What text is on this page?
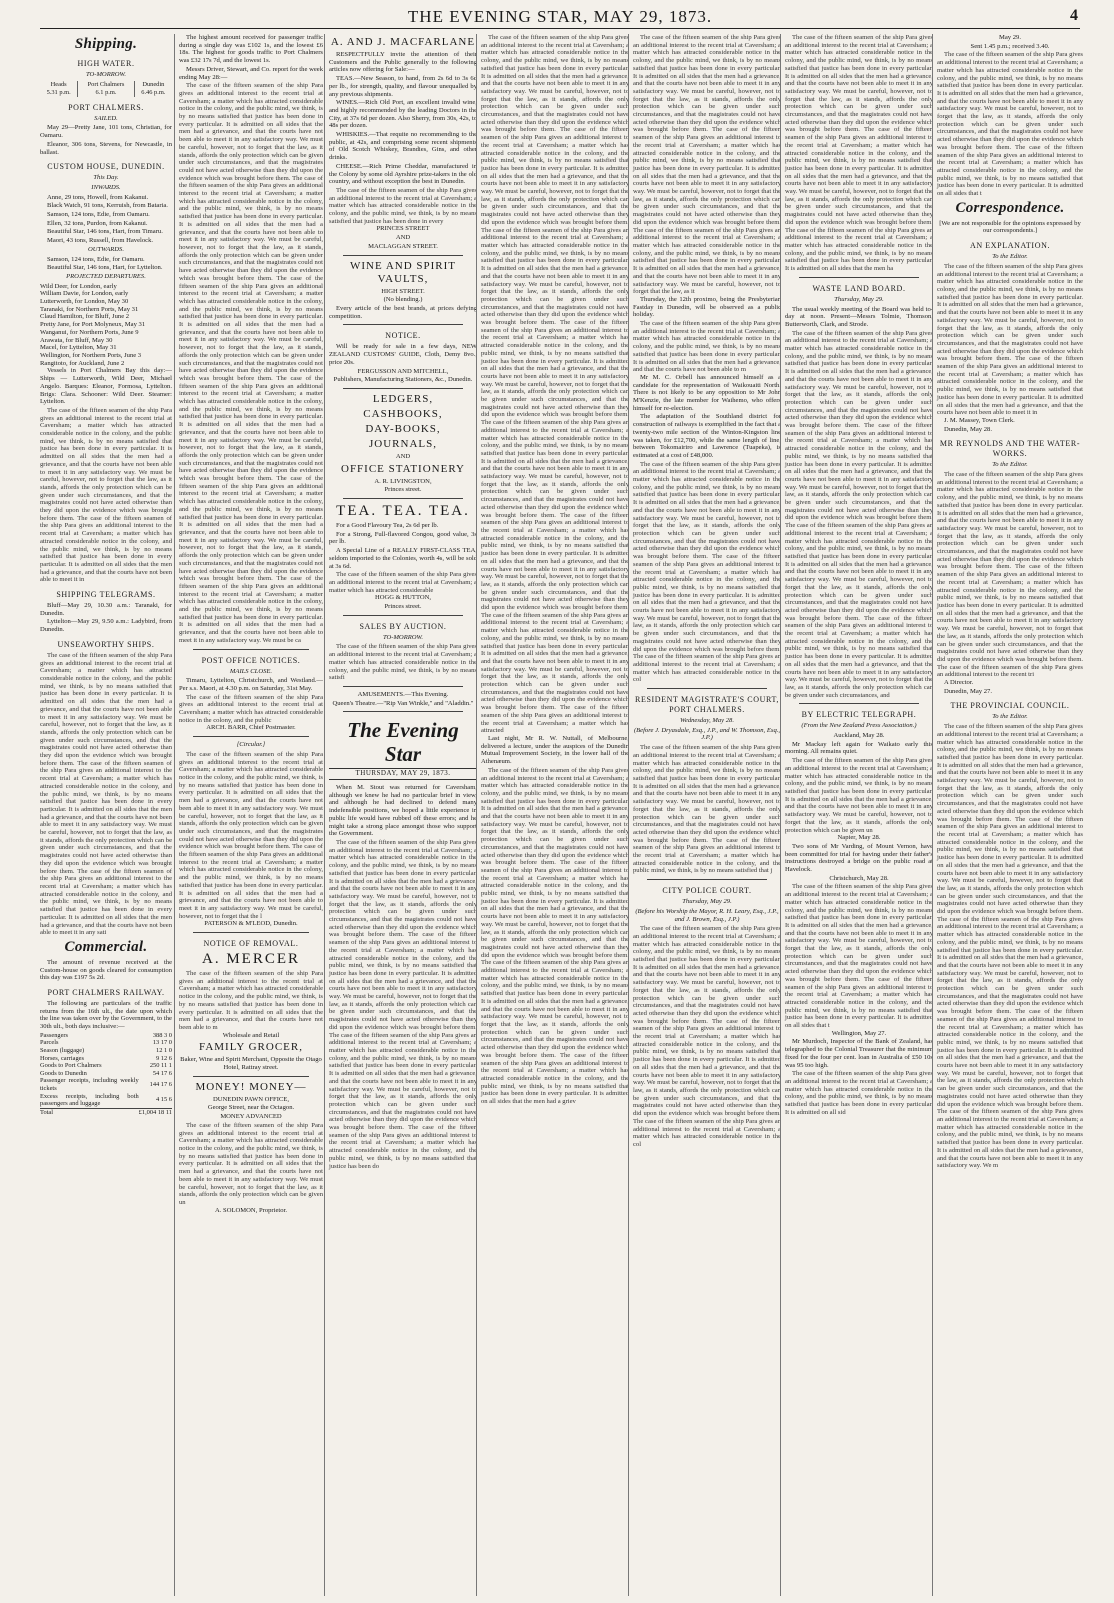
THE EVENING STAR, MAY 29, 1873.	4
Shipping.
HIGH WATER.
TO-MORROW.
Heads	Port Chalmers	Dunedin
5.31 p.m.	6.1 p.m.	6.46 p.m.
PORT CHALMERS.
SAILED.

May 29—Pretty Jane, 101 tons, Christian, for Oamaru.

Eleanor, 306 tons, Stevens, for Newcastle, in ballast.

CUSTOM HOUSE, DUNEDIN.
This Day.
INWARDS.

Anne, 29 tons, Howell, from Kakanui.

Black Watch, 91 tons, Kerruish, from Bataria.

Samson, 124 tons, Edie, from Oamaru.

Ellen, 32 tons, Purdon, from Kakanui.

Beautiful Star, 146 tons, Hart, from Timaru.

Maori, 43 tons, Russell, from Havelock.

OUTWARDS.

Samson, 124 tons, Edie, for Oamaru.

Beautiful Star, 146 tons, Hart, for Lyttelton.

PROJECTED DEPARTURES.

Wild Deer, for London, early

William Davie, for London, early

Lutterworth, for London, May 30

Taranaki, for Northern Ports, May 31

Claud Hamilton, for Bluff, June 2

Pretty Jane, for Port Molyneux, May 31

Wanganui, for Northern Ports, June 9

Arawata, for Bluff, May 30

Macel, for Lyttelton, May 31

Wellington, for Northern Ports, June 3

Rangitoto, for Auckland, June 2

Vessels in Port Chalmers Bay this day:— Ships — Lutterworth, Wild Deer, Michael Angelo. Barques: Eleanor, Formosa, Lyttelton. Brigs: Clara. Schooner: Wild Deer. Steamer: Lyttelton.

The case of the fifteen seamen of the ship Para gives an additional interest to the recent trial at Caversham; a matter which has attracted considerable notice in the colony, and the public mind, we think, is by no means satisfied that justice has been done in every particular. It is admitted on all sides that the men had a grievance, and that the courts have not been able to meet it in any satisfactory way. We must be careful, however, not to forget that the law, as it stands, affords the only protection which can be given under such circumstances, and that the magistrates could not have acted otherwise than they did upon the evidence which was brought before them. The case of the fifteen seamen of the ship Para gives an additional interest to the recent trial at Caversham; a matter which has attracted considerable notice in the colony, and the public mind, we think, is by no means satisfied that justice has been done in every particular. It is admitted on all sides that the men had a grievance, and that the courts have not been able to meet it in
SHIPPING TELEGRAMS.

Bluff—May 29, 10.30 a.m.: Taranaki, for Dunedin.

Lyttelton—May 29, 9.50 a.m.: Ladybird, from Dunedin.

UNSEAWORTHY SHIPS.
The case of the fifteen seamen of the ship Para gives an additional interest to the recent trial at Caversham; a matter which has attracted considerable notice in the colony, and the public mind, we think, is by no means satisfied that justice has been done in every particular. It is admitted on all sides that the men had a grievance, and that the courts have not been able to meet it in any satisfactory way. We must be careful, however, not to forget that the law, as it stands, affords the only protection which can be given under such circumstances, and that the magistrates could not have acted otherwise than they did upon the evidence which was brought before them. The case of the fifteen seamen of the ship Para gives an additional interest to the recent trial at Caversham; a matter which has attracted considerable notice in the colony, and the public mind, we think, is by no means satisfied that justice has been done in every particular. It is admitted on all sides that the men had a grievance, and that the courts have not been able to meet it in any satisfactory way. We must be careful, however, not to forget that the law, as it stands, affords the only protection which can be given under such circumstances, and that the magistrates could not have acted otherwise than they did upon the evidence which was brought before them. The case of the fifteen seamen of the ship Para gives an additional interest to the recent trial at Caversham; a matter which has attracted considerable notice in the colony, and the public mind, we think, is by no means satisfied that justice has been done in every particular. It is admitted on all sides that the men had a grievance, and that the courts have not been able to meet it in any sati
Commercial.

The amount of revenue received at the Custom-house on goods cleared for consumption this day was £197 5s 2d.

PORT CHALMERS RAILWAY.

The following are particulars of the traffic returns from the 16th ult., the date upon which the line was taken over by the Government, to the 30th ult., both days inclusive:—

Passengers	388 3 0
Parcels	13 17 0
Season (luggage)	12 1 0
Horses, carriages	9 12 6
Goods to Port Chalmers	250 11 1
Goods to Dunedin	54 17 6
Passenger receipts, including weekly tickets	144 17 6
Excess receipts, including both passengers and luggage	4 15 6
Total	£1,004 18 11

The highest amount received for passenger traffic during a single day was £102 1s, and the lowest £6 18s. The highest for goods traffic to Port Chalmers was £32 17s 7d, and the lowest 1s.

Messrs Driver, Stewart, and Co. report for the week ending May 28:—

The case of the fifteen seamen of the ship Para gives an additional interest to the recent trial at Caversham; a matter which has attracted considerable notice in the colony, and the public mind, we think, is by no means satisfied that justice has been done in every particular. It is admitted on all sides that the men had a grievance, and that the courts have not been able to meet it in any satisfactory way. We must be careful, however, not to forget that the law, as it stands, affords the only protection which can be given under such circumstances, and that the magistrates could not have acted otherwise than they did upon the evidence which was brought before them. The case of the fifteen seamen of the ship Para gives an additional interest to the recent trial at Caversham; a matter which has attracted considerable notice in the colony, and the public mind, we think, is by no means satisfied that justice has been done in every particular. It is admitted on all sides that the men had a grievance, and that the courts have not been able to meet it in any satisfactory way. We must be careful, however, not to forget that the law, as it stands, affords the only protection which can be given under such circumstances, and that the magistrates could not have acted otherwise than they did upon the evidence which was brought before them. The case of the fifteen seamen of the ship Para gives an additional interest to the recent trial at Caversham; a matter which has attracted considerable notice in the colony, and the public mind, we think, is by no means satisfied that justice has been done in every particular. It is admitted on all sides that the men had a grievance, and that the courts have not been able to meet it in any satisfactory way. We must be careful, however, not to forget that the law, as it stands, affords the only protection which can be given under such circumstances, and that the magistrates could not have acted otherwise than they did upon the evidence which was brought before them. The case of the fifteen seamen of the ship Para gives an additional interest to the recent trial at Caversham; a matter which has attracted considerable notice in the colony, and the public mind, we think, is by no means satisfied that justice has been done in every particular. It is admitted on all sides that the men had a grievance, and that the courts have not been able to meet it in any satisfactory way. We must be careful, however, not to forget that the law, as it stands, affords the only protection which can be given under such circumstances, and that the magistrates could not have acted otherwise than they did upon the evidence which was brought before them. The case of the fifteen seamen of the ship Para gives an additional interest to the recent trial at Caversham; a matter which has attracted considerable notice in the colony, and the public mind, we think, is by no means satisfied that justice has been done in every particular. It is admitted on all sides that the men had a grievance, and that the courts have not been able to meet it in any satisfactory way. We must be careful, however, not to forget that the law, as it stands, affords the only protection which can be given under such circumstances, and that the magistrates could not have acted otherwise than they did upon the evidence which was brought before them. The case of the fifteen seamen of the ship Para gives an additional interest to the recent trial at Caversham; a matter which has attracted considerable notice in the colony, and the public mind, we think, is by no means satisfied that justice has been done in every particular. It is admitted on all sides that the men had a grievance, and that the courts have not been able to meet it in any satisfactory way. We must be ca
POST OFFICE NOTICES.
MAILS CLOSE.

Timaru, Lyttelton, Christchurch, and Westland.—Per s.s. Maori, at 4.30 p.m. on Saturday, 31st May.

The case of the fifteen seamen of the ship Para gives an additional interest to the recent trial at Caversham; a matter which has attracted considerable notice in the colony, and the public

ARCH. BARR, Chief Postmaster.

[Circular.]
The case of the fifteen seamen of the ship Para gives an additional interest to the recent trial at Caversham; a matter which has attracted considerable notice in the colony, and the public mind, we think, is by no means satisfied that justice has been done in every particular. It is admitted on all sides that the men had a grievance, and that the courts have not been able to meet it in any satisfactory way. We must be careful, however, not to forget that the law, as it stands, affords the only protection which can be given under such circumstances, and that the magistrates could not have acted otherwise than they did upon the evidence which was brought before them. The case of the fifteen seamen of the ship Para gives an additional interest to the recent trial at Caversham; a matter which has attracted considerable notice in the colony, and the public mind, we think, is by no means satisfied that justice has been done in every particular. It is admitted on all sides that the men had a grievance, and that the courts have not been able to meet it in any satisfactory way. We must be careful, however, not to forget that the l

PATERSON & M'LEOD, Dunedin.

NOTICE OF REMOVAL.
A. MERCER
The case of the fifteen seamen of the ship Para gives an additional interest to the recent trial at Caversham; a matter which has attracted considerable notice in the colony, and the public mind, we think, is by no means satisfied that justice has been done in every particular. It is admitted on all sides that the men had a grievance, and that the courts have not been able to m

Wholesale and Retail

FAMILY GROCER,

Baker, Wine and Spirit Merchant, Opposite the Otago Hotel, Rattray street.

MONEY! MONEY—

DUNEDIN PAWN OFFICE,

George Street, near the Octagon.

MONEY ADVANCED

The case of the fifteen seamen of the ship Para gives an additional interest to the recent trial at Caversham; a matter which has attracted considerable notice in the colony, and the public mind, we think, is by no means satisfied that justice has been done in every particular. It is admitted on all sides that the men had a grievance, and that the courts have not been able to meet it in any satisfactory way. We must be careful, however, not to forget that the law, as it stands, affords the only protection which can be given un

A. SOLOMON, Proprietor.

A. AND J. MACFARLANE

RESPECTFULLY invite the attention of their Customers and the Public generally to the following articles now offering for Sale:—

TEAS.—New Season, to hand, from 2s 6d to 3s 6d per lb., for strength, quality, and flavour unequalled by any previous shipments.

WINES.—Rich Old Port, an excellent invalid wine, and highly recommended by the leading Doctors in the City, at 37s 6d per dozen. Also Sherry, from 30s, 42s, to 48s per dozen.

WHISKIES.—That requite no recommending to the public, at 42s, and comprising some recent shipments of Old Scotch Whiskey, Brandies, Gins, and other drinks.

CHEESE.—Rich Prime Cheddar, manufactured in the Colony by some old Ayrshire prize-takers in the old country, and without exception the best in Dunedin.

The case of the fifteen seamen of the ship Para gives an additional interest to the recent trial at Caversham; a matter which has attracted considerable notice in the colony, and the public mind, we think, is by no means satisfied that justice has been done in every

PRINCES STREET

AND

MACLAGGAN STREET.

WINE AND SPIRIT VAULTS,

HIGH STREET.

(No blending.)

Every article of the best brands, at prices defying competition.

NOTICE.

Will be ready for sale in a few days, NEW ZEALAND CUSTOMS' GUIDE, Cloth, Demy 8vo., price 20s.

FERGUSSON AND MITCHELL,

Publishers, Manufacturing Stationers, &c., Dunedin.

LEDGERS,
CASHBOOKS,
DAY-BOOKS,
JOURNALS,

AND

OFFICE STATIONERY

A. R. LIVINGSTON,

Princes street.

TEA. TEA. TEA.

For a Good Flavoury Tea, 2s 6d per lb.

For a Strong, Full-flavored Congou, good value, 3s per lb.

A Special Line of a REALLY FIRST-CLASS TEA, seldom imported to the Colonies, worth 4s, will be sold at 3s 6d.

The case of the fifteen seamen of the ship Para gives an additional interest to the recent trial at Caversham; a matter which has attracted considerable

HOGG & HUTTON,

Princes street.

SALES BY AUCTION.
TO-MORROW.
The case of the fifteen seamen of the ship Para gives an additional interest to the recent trial at Caversham; a matter which has attracted considerable notice in the colony, and the public mind, we think, is by no means satisfi

AMUSEMENTS.—This Evening.

Queen's Theatre.—"Rip Van Winkle," and "Aladdin."

The Evening Star
THURSDAY, MAY 29, 1873.

When M. Stout was returned for Caversham, although we knew he had no particular brief in view, and although he had declined to defend many indefensible positions, we hoped a little experience in public life would have rubbed off these errors; and he might take a strong place amongst those who support the Government.

The case of the fifteen seamen of the ship Para gives an additional interest to the recent trial at Caversham; a matter which has attracted considerable notice in the colony, and the public mind, we think, is by no means satisfied that justice has been done in every particular. It is admitted on all sides that the men had a grievance, and that the courts have not been able to meet it in any satisfactory way. We must be careful, however, not to forget that the law, as it stands, affords the only protection which can be given under such circumstances, and that the magistrates could not have acted otherwise than they did upon the evidence which was brought before them. The case of the fifteen seamen of the ship Para gives an additional interest to the recent trial at Caversham; a matter which has attracted considerable notice in the colony, and the public mind, we think, is by no means satisfied that justice has been done in every particular. It is admitted on all sides that the men had a grievance, and that the courts have not been able to meet it in any satisfactory way. We must be careful, however, not to forget that the law, as it stands, affords the only protection which can be given under such circumstances, and that the magistrates could not have acted otherwise than they did upon the evidence which was brought before them. The case of the fifteen seamen of the ship Para gives an additional interest to the recent trial at Caversham; a matter which has attracted considerable notice in the colony, and the public mind, we think, is by no means satisfied that justice has been done in every particular. It is admitted on all sides that the men had a grievance, and that the courts have not been able to meet it in any satisfactory way. We must be careful, however, not to forget that the law, as it stands, affords the only protection which can be given under such circumstances, and that the magistrates could not have acted otherwise than they did upon the evidence which was brought before them. The case of the fifteen seamen of the ship Para gives an additional interest to the recent trial at Caversham; a matter which has attracted considerable notice in the colony, and the public mind, we think, is by no means satisfied that justice has been do
The case of the fifteen seamen of the ship Para gives an additional interest to the recent trial at Caversham; a matter which has attracted considerable notice in the colony, and the public mind, we think, is by no means satisfied that justice has been done in every particular. It is admitted on all sides that the men had a grievance, and that the courts have not been able to meet it in any satisfactory way. We must be careful, however, not to forget that the law, as it stands, affords the only protection which can be given under such circumstances, and that the magistrates could not have acted otherwise than they did upon the evidence which was brought before them. The case of the fifteen seamen of the ship Para gives an additional interest to the recent trial at Caversham; a matter which has attracted considerable notice in the colony, and the public mind, we think, is by no means satisfied that justice has been done in every particular. It is admitted on all sides that the men had a grievance, and that the courts have not been able to meet it in any satisfactory way. We must be careful, however, not to forget that the law, as it stands, affords the only protection which can be given under such circumstances, and that the magistrates could not have acted otherwise than they did upon the evidence which was brought before them. The case of the fifteen seamen of the ship Para gives an additional interest to the recent trial at Caversham; a matter which has attracted considerable notice in the colony, and the public mind, we think, is by no means satisfied that justice has been done in every particular. It is admitted on all sides that the men had a grievance, and that the courts have not been able to meet it in any satisfactory way. We must be careful, however, not to forget that the law, as it stands, affords the only protection which can be given under such circumstances, and that the magistrates could not have acted otherwise than they did upon the evidence which was brought before them. The case of the fifteen seamen of the ship Para gives an additional interest to the recent trial at Caversham; a matter which has attracted considerable notice in the colony, and the public mind, we think, is by no means satisfied that justice has been done in every particular. It is admitted on all sides that the men had a grievance, and that the courts have not been able to meet it in any satisfactory way. We must be careful, however, not to forget that the law, as it stands, affords the only protection which can be given under such circumstances, and that the magistrates could not have acted otherwise than they did upon the evidence which was brought before them. The case of the fifteen seamen of the ship Para gives an additional interest to the recent trial at Caversham; a matter which has attracted considerable notice in the colony, and the public mind, we think, is by no means satisfied that justice has been done in every particular. It is admitted on all sides that the men had a grievance, and that the courts have not been able to meet it in any satisfactory way. We must be careful, however, not to forget that the law, as it stands, affords the only protection which can be given under such circumstances, and that the magistrates could not have acted otherwise than they did upon the evidence which was brought before them. The case of the fifteen seamen of the ship Para gives an additional interest to the recent trial at Caversham; a matter which has attracted considerable notice in the colony, and the public mind, we think, is by no means satisfied that justice has been done in every particular. It is admitted on all sides that the men had a grievance, and that the courts have not been able to meet it in any satisfactory way. We must be careful, however, not to forget that the law, as it stands, affords the only protection which can be given under such circumstances, and that the magistrates could not have acted otherwise than they did upon the evidence which was brought before them. The case of the fifteen seamen of the ship Para gives an additional interest to the recent trial at Caversham; a matter which has attracted considerable notice in the colony, and the public mind, we think, is by no means satisfied that justice has been done in every particular. It is admitted on all sides that the men had a grievance, and that the courts have not been able to meet it in any satisfactory way. We must be careful, however, not to forget that the law, as it stands, affords the only protection which can be given under such circumstances, and that the magistrates could not have acted otherwise than they did upon the evidence which was brought before them. The case of the fifteen seamen of the ship Para gives an additional interest to the recent trial at Caversham; a matter which has attracted

Last night, Mr R. W. Nuttall, of Melbourne, delivered a lecture, under the auspices of the Dunedin Mutual Improvement Society, in the lower hall of the Athenæum.

The case of the fifteen seamen of the ship Para gives an additional interest to the recent trial at Caversham; a matter which has attracted considerable notice in the colony, and the public mind, we think, is by no means satisfied that justice has been done in every particular. It is admitted on all sides that the men had a grievance, and that the courts have not been able to meet it in any satisfactory way. We must be careful, however, not to forget that the law, as it stands, affords the only protection which can be given under such circumstances, and that the magistrates could not have acted otherwise than they did upon the evidence which was brought before them. The case of the fifteen seamen of the ship Para gives an additional interest to the recent trial at Caversham; a matter which has attracted considerable notice in the colony, and the public mind, we think, is by no means satisfied that justice has been done in every particular. It is admitted on all sides that the men had a grievance, and that the courts have not been able to meet it in any satisfactory way. We must be careful, however, not to forget that the law, as it stands, affords the only protection which can be given under such circumstances, and that the magistrates could not have acted otherwise than they did upon the evidence which was brought before them. The case of the fifteen seamen of the ship Para gives an additional interest to the recent trial at Caversham; a matter which has attracted considerable notice in the colony, and the public mind, we think, is by no means satisfied that justice has been done in every particular. It is admitted on all sides that the men had a grievance, and that the courts have not been able to meet it in any satisfactory way. We must be careful, however, not to forget that the law, as it stands, affords the only protection which can be given under such circumstances, and that the magistrates could not have acted otherwise than they did upon the evidence which was brought before them. The case of the fifteen seamen of the ship Para gives an additional interest to the recent trial at Caversham; a matter which has attracted considerable notice in the colony, and the public mind, we think, is by no means satisfied that justice has been done in every particular. It is admitted on all sides that the men had a griev
The case of the fifteen seamen of the ship Para gives an additional interest to the recent trial at Caversham; a matter which has attracted considerable notice in the colony, and the public mind, we think, is by no means satisfied that justice has been done in every particular. It is admitted on all sides that the men had a grievance, and that the courts have not been able to meet it in any satisfactory way. We must be careful, however, not to forget that the law, as it stands, affords the only protection which can be given under such circumstances, and that the magistrates could not have acted otherwise than they did upon the evidence which was brought before them. The case of the fifteen seamen of the ship Para gives an additional interest to the recent trial at Caversham; a matter which has attracted considerable notice in the colony, and the public mind, we think, is by no means satisfied that justice has been done in every particular. It is admitted on all sides that the men had a grievance, and that the courts have not been able to meet it in any satisfactory way. We must be careful, however, not to forget that the law, as it stands, affords the only protection which can be given under such circumstances, and that the magistrates could not have acted otherwise than they did upon the evidence which was brought before them. The case of the fifteen seamen of the ship Para gives an additional interest to the recent trial at Caversham; a matter which has attracted considerable notice in the colony, and the public mind, we think, is by no means satisfied that justice has been done in every particular. It is admitted on all sides that the men had a grievance, and that the courts have not been able to meet it in any satisfactory way. We must be careful, however, not to forget that the law, as it

Thursday, the 12th proximo, being the Presbyterian Fastday in Dunedin, will be observed as a public holiday.

The case of the fifteen seamen of the ship Para gives an additional interest to the recent trial at Caversham; a matter which has attracted considerable notice in the colony, and the public mind, we think, is by no means satisfied that justice has been done in every particular. It is admitted on all sides that the men had a grievance, and that the courts have not been able to m

Mr M. C. Orbell has announced himself as a candidate for the representation of Waikouaiti North. There is not likely to be any opposition to Mr John M'Kenzie, the late member for Waihemo, who offers himself for re-election.

The adaptation of the Southland district for construction of railways is exemplified in the fact that a twenty-two mile section of the Winton-Kingston line was taken, for £12,700, while the same length of line, between Tokomairiro and Lawrence (Tuapeka), is estimated at a cost of £48,000.

The case of the fifteen seamen of the ship Para gives an additional interest to the recent trial at Caversham; a matter which has attracted considerable notice in the colony, and the public mind, we think, is by no means satisfied that justice has been done in every particular. It is admitted on all sides that the men had a grievance, and that the courts have not been able to meet it in any satisfactory way. We must be careful, however, not to forget that the law, as it stands, affords the only protection which can be given under such circumstances, and that the magistrates could not have acted otherwise than they did upon the evidence which was brought before them. The case of the fifteen seamen of the ship Para gives an additional interest to the recent trial at Caversham; a matter which has attracted considerable notice in the colony, and the public mind, we think, is by no means satisfied that justice has been done in every particular. It is admitted on all sides that the men had a grievance, and that the courts have not been able to meet it in any satisfactory way. We must be careful, however, not to forget that the law, as it stands, affords the only protection which can be given under such circumstances, and that the magistrates could not have acted otherwise than they did upon the evidence which was brought before them. The case of the fifteen seamen of the ship Para gives an additional interest to the recent trial at Caversham; a matter which has attracted considerable notice in the col
RESIDENT MAGISTRATE'S COURT, PORT CHALMERS.
Wednesday, May 28.
(Before J. Dryasdale, Esq., J.P., and W. Thomson, Esq., J.P.)
The case of the fifteen seamen of the ship Para gives an additional interest to the recent trial at Caversham; a matter which has attracted considerable notice in the colony, and the public mind, we think, is by no means satisfied that justice has been done in every particular. It is admitted on all sides that the men had a grievance, and that the courts have not been able to meet it in any satisfactory way. We must be careful, however, not to forget that the law, as it stands, affords the only protection which can be given under such circumstances, and that the magistrates could not have acted otherwise than they did upon the evidence which was brought before them. The case of the fifteen seamen of the ship Para gives an additional interest to the recent trial at Caversham; a matter which has attracted considerable notice in the colony, and the public mind, we think, is by no means satisfied that j
CITY POLICE COURT.
Thursday, May 29.
(Before his Worship the Mayor, R. H. Leary, Esq., J.P., and J. Brown, Esq., J.P.)
The case of the fifteen seamen of the ship Para gives an additional interest to the recent trial at Caversham; a matter which has attracted considerable notice in the colony, and the public mind, we think, is by no means satisfied that justice has been done in every particular. It is admitted on all sides that the men had a grievance, and that the courts have not been able to meet it in any satisfactory way. We must be careful, however, not to forget that the law, as it stands, affords the only protection which can be given under such circumstances, and that the magistrates could not have acted otherwise than they did upon the evidence which was brought before them. The case of the fifteen seamen of the ship Para gives an additional interest to the recent trial at Caversham; a matter which has attracted considerable notice in the colony, and the public mind, we think, is by no means satisfied that justice has been done in every particular. It is admitted on all sides that the men had a grievance, and that the courts have not been able to meet it in any satisfactory way. We must be careful, however, not to forget that the law, as it stands, affords the only protection which can be given under such circumstances, and that the magistrates could not have acted otherwise than they did upon the evidence which was brought before them. The case of the fifteen seamen of the ship Para gives an additional interest to the recent trial at Caversham; a matter which has attracted considerable notice in the col
The case of the fifteen seamen of the ship Para gives an additional interest to the recent trial at Caversham; a matter which has attracted considerable notice in the colony, and the public mind, we think, is by no means satisfied that justice has been done in every particular. It is admitted on all sides that the men had a grievance, and that the courts have not been able to meet it in any satisfactory way. We must be careful, however, not to forget that the law, as it stands, affords the only protection which can be given under such circumstances, and that the magistrates could not have acted otherwise than they did upon the evidence which was brought before them. The case of the fifteen seamen of the ship Para gives an additional interest to the recent trial at Caversham; a matter which has attracted considerable notice in the colony, and the public mind, we think, is by no means satisfied that justice has been done in every particular. It is admitted on all sides that the men had a grievance, and that the courts have not been able to meet it in any satisfactory way. We must be careful, however, not to forget that the law, as it stands, affords the only protection which can be given under such circumstances, and that the magistrates could not have acted otherwise than they did upon the evidence which was brought before them. The case of the fifteen seamen of the ship Para gives an additional interest to the recent trial at Caversham; a matter which has attracted considerable notice in the colony, and the public mind, we think, is by no means satisfied that justice has been done in every particular. It is admitted on all sides that the men ha
WASTE LAND BOARD.
Thursday, May 29.

The usual weekly meeting of the Board was held to-day at noon. Present—Messrs Tolmie, Thomson, Butterworth, Clark, and Strode.

The case of the fifteen seamen of the ship Para gives an additional interest to the recent trial at Caversham; a matter which has attracted considerable notice in the colony, and the public mind, we think, is by no means satisfied that justice has been done in every particular. It is admitted on all sides that the men had a grievance, and that the courts have not been able to meet it in any satisfactory way. We must be careful, however, not to forget that the law, as it stands, affords the only protection which can be given under such circumstances, and that the magistrates could not have acted otherwise than they did upon the evidence which was brought before them. The case of the fifteen seamen of the ship Para gives an additional interest to the recent trial at Caversham; a matter which has attracted considerable notice in the colony, and the public mind, we think, is by no means satisfied that justice has been done in every particular. It is admitted on all sides that the men had a grievance, and that the courts have not been able to meet it in any satisfactory way. We must be careful, however, not to forget that the law, as it stands, affords the only protection which can be given under such circumstances, and that the magistrates could not have acted otherwise than they did upon the evidence which was brought before them. The case of the fifteen seamen of the ship Para gives an additional interest to the recent trial at Caversham; a matter which has attracted considerable notice in the colony, and the public mind, we think, is by no means satisfied that justice has been done in every particular. It is admitted on all sides that the men had a grievance, and that the courts have not been able to meet it in any satisfactory way. We must be careful, however, not to forget that the law, as it stands, affords the only protection which can be given under such circumstances, and that the magistrates could not have acted otherwise than they did upon the evidence which was brought before them. The case of the fifteen seamen of the ship Para gives an additional interest to the recent trial at Caversham; a matter which has attracted considerable notice in the colony, and the public mind, we think, is by no means satisfied that justice has been done in every particular. It is admitted on all sides that the men had a grievance, and that the courts have not been able to meet it in any satisfactory way. We must be careful, however, not to forget that the law, as it stands, affords the only protection which can be given under such circumstances, and
BY ELECTRIC TELEGRAPH.
(From the New Zealand Press Association.)

Auckland, May 28.

Mr Mackay left again for Waikato early this morning. All remains quiet.

The case of the fifteen seamen of the ship Para gives an additional interest to the recent trial at Caversham; a matter which has attracted considerable notice in the colony, and the public mind, we think, is by no means satisfied that justice has been done in every particular. It is admitted on all sides that the men had a grievance, and that the courts have not been able to meet it in any satisfactory way. We must be careful, however, not to forget that the law, as it stands, affords the only protection which can be given un

Napier, May 28.

Two sons of Mr Varding, of Mount Vernon, have been committed for trial for having under their father's instructions destroyed a bridge on the public road at Havelock.

Christchurch, May 28.

The case of the fifteen seamen of the ship Para gives an additional interest to the recent trial at Caversham; a matter which has attracted considerable notice in the colony, and the public mind, we think, is by no means satisfied that justice has been done in every particular. It is admitted on all sides that the men had a grievance, and that the courts have not been able to meet it in any satisfactory way. We must be careful, however, not to forget that the law, as it stands, affords the only protection which can be given under such circumstances, and that the magistrates could not have acted otherwise than they did upon the evidence which was brought before them. The case of the fifteen seamen of the ship Para gives an additional interest to the recent trial at Caversham; a matter which has attracted considerable notice in the colony, and the public mind, we think, is by no means satisfied that justice has been done in every particular. It is admitted on all sides that t

Wellington, May 27.

Mr Murdoch, Inspector of the Bank of Zealand, has telegraphed to the Colonial Treasurer that the minimum fixed for the four per cent. loan in Australia of £50 10s was 95 too high.

The case of the fifteen seamen of the ship Para gives an additional interest to the recent trial at Caversham; a matter which has attracted considerable notice in the colony, and the public mind, we think, is by no means satisfied that justice has been done in every particular. It is admitted on all sid

May 29.

Sent 1.45 p.m.; received 3.40.

The case of the fifteen seamen of the ship Para gives an additional interest to the recent trial at Caversham; a matter which has attracted considerable notice in the colony, and the public mind, we think, is by no means satisfied that justice has been done in every particular. It is admitted on all sides that the men had a grievance, and that the courts have not been able to meet it in any satisfactory way. We must be careful, however, not to forget that the law, as it stands, affords the only protection which can be given under such circumstances, and that the magistrates could not have acted otherwise than they did upon the evidence which was brought before them. The case of the fifteen seamen of the ship Para gives an additional interest to the recent trial at Caversham; a matter which has attracted considerable notice in the colony, and the public mind, we think, is by no means satisfied that justice has been done in every particular. It is admitted on all sides that t
Correspondence.

[We are not responsible for the opinions expressed by our correspondents.]

AN EXPLANATION.
To the Editor.
The case of the fifteen seamen of the ship Para gives an additional interest to the recent trial at Caversham; a matter which has attracted considerable notice in the colony, and the public mind, we think, is by no means satisfied that justice has been done in every particular. It is admitted on all sides that the men had a grievance, and that the courts have not been able to meet it in any satisfactory way. We must be careful, however, not to forget that the law, as it stands, affords the only protection which can be given under such circumstances, and that the magistrates could not have acted otherwise than they did upon the evidence which was brought before them. The case of the fifteen seamen of the ship Para gives an additional interest to the recent trial at Caversham; a matter which has attracted considerable notice in the colony, and the public mind, we think, is by no means satisfied that justice has been done in every particular. It is admitted on all sides that the men had a grievance, and that the courts have not been able to meet it in

J. M. Massey, Town Clerk.

Dunedin, May 28.

MR REYNOLDS AND THE WATER-WORKS.
To the Editor.
The case of the fifteen seamen of the ship Para gives an additional interest to the recent trial at Caversham; a matter which has attracted considerable notice in the colony, and the public mind, we think, is by no means satisfied that justice has been done in every particular. It is admitted on all sides that the men had a grievance, and that the courts have not been able to meet it in any satisfactory way. We must be careful, however, not to forget that the law, as it stands, affords the only protection which can be given under such circumstances, and that the magistrates could not have acted otherwise than they did upon the evidence which was brought before them. The case of the fifteen seamen of the ship Para gives an additional interest to the recent trial at Caversham; a matter which has attracted considerable notice in the colony, and the public mind, we think, is by no means satisfied that justice has been done in every particular. It is admitted on all sides that the men had a grievance, and that the courts have not been able to meet it in any satisfactory way. We must be careful, however, not to forget that the law, as it stands, affords the only protection which can be given under such circumstances, and that the magistrates could not have acted otherwise than they did upon the evidence which was brought before them. The case of the fifteen seamen of the ship Para gives an additional interest to the recent tri

A Director.

Dunedin, May 27.

THE PROVINCIAL COUNCIL.
To the Editor.
The case of the fifteen seamen of the ship Para gives an additional interest to the recent trial at Caversham; a matter which has attracted considerable notice in the colony, and the public mind, we think, is by no means satisfied that justice has been done in every particular. It is admitted on all sides that the men had a grievance, and that the courts have not been able to meet it in any satisfactory way. We must be careful, however, not to forget that the law, as it stands, affords the only protection which can be given under such circumstances, and that the magistrates could not have acted otherwise than they did upon the evidence which was brought before them. The case of the fifteen seamen of the ship Para gives an additional interest to the recent trial at Caversham; a matter which has attracted considerable notice in the colony, and the public mind, we think, is by no means satisfied that justice has been done in every particular. It is admitted on all sides that the men had a grievance, and that the courts have not been able to meet it in any satisfactory way. We must be careful, however, not to forget that the law, as it stands, affords the only protection which can be given under such circumstances, and that the magistrates could not have acted otherwise than they did upon the evidence which was brought before them. The case of the fifteen seamen of the ship Para gives an additional interest to the recent trial at Caversham; a matter which has attracted considerable notice in the colony, and the public mind, we think, is by no means satisfied that justice has been done in every particular. It is admitted on all sides that the men had a grievance, and that the courts have not been able to meet it in any satisfactory way. We must be careful, however, not to forget that the law, as it stands, affords the only protection which can be given under such circumstances, and that the magistrates could not have acted otherwise than they did upon the evidence which was brought before them. The case of the fifteen seamen of the ship Para gives an additional interest to the recent trial at Caversham; a matter which has attracted considerable notice in the colony, and the public mind, we think, is by no means satisfied that justice has been done in every particular. It is admitted on all sides that the men had a grievance, and that the courts have not been able to meet it in any satisfactory way. We must be careful, however, not to forget that the law, as it stands, affords the only protection which can be given under such circumstances, and that the magistrates could not have acted otherwise than they did upon the evidence which was brought before them. The case of the fifteen seamen of the ship Para gives an additional interest to the recent trial at Caversham; a matter which has attracted considerable notice in the colony, and the public mind, we think, is by no means satisfied that justice has been done in every particular. It is admitted on all sides that the men had a grievance, and that the courts have not been able to meet it in any satisfactory way. We m
